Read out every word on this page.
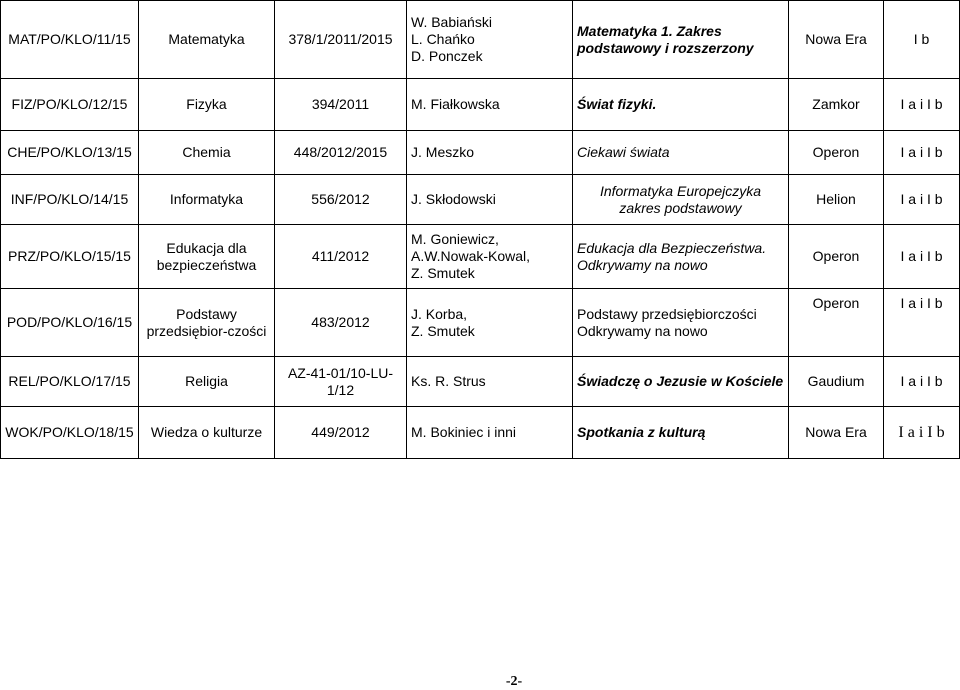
MAT/PO/KLO/11/15	Matematyka	378/1/2011/2015	W. Babiański
L. Chańko
D. Ponczek	Matematyka 1. Zakres podstawowy i rozszerzony	Nowa Era	I b
FIZ/PO/KLO/12/15	Fizyka	394/2011	M. Fiałkowska	Świat fizyki.	Zamkor	I a i I b
CHE/PO/KLO/13/15	Chemia	448/2012/2015	J. Meszko	Ciekawi świata	Operon	I a i I b
INF/PO/KLO/14/15	Informatyka	556/2012	J. Skłodowski	Informatyka Europejczyka
zakres podstawowy	Helion	I a i I b
PRZ/PO/KLO/15/15	Edukacja dla bezpieczeństwa	411/2012	M. Goniewicz,
A.W.Nowak-Kowal,
Z. Smutek	Edukacja dla Bezpieczeństwa.
Odkrywamy na nowo	Operon	I a i I b
POD/PO/KLO/16/15	Podstawy przedsiębior-czości	483/2012	J. Korba,
Z. Smutek	Podstawy przedsiębiorczości
Odkrywamy na nowo	Operon	I a i I b
REL/PO/KLO/17/15	Religia	AZ-41-01/10-LU-1/12	Ks. R. Strus	Świadczę o Jezusie w Kościele	Gaudium	I a i I b
WOK/PO/KLO/18/15	Wiedza o kulturze	449/2012	M. Bokiniec i inni	Spotkania z kulturą	Nowa Era	I a i I b
-2-
